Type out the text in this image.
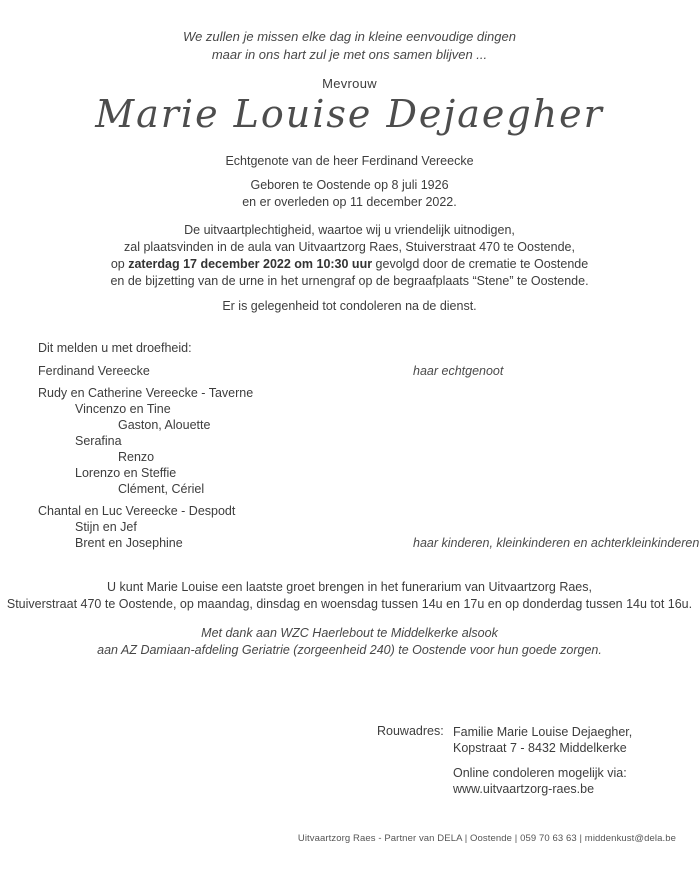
We zullen je missen elke dag in kleine eenvoudige dingen
maar in ons hart zul je met ons samen blijven ...
Mevrouw
Marie Louise Dejaegher
Echtgenote van de heer Ferdinand Vereecke
Geboren te Oostende op 8 juli 1926
en er overleden op 11 december 2022.
De uitvaartplechtigheid, waartoe wij u vriendelijk uitnodigen,
zal plaatsvinden in de aula van Uitvaartzorg Raes, Stuiverstraat 470 te Oostende,
op zaterdag 17 december 2022 om 10:30 uur gevolgd door de crematie te Oostende
en de bijzetting van de urne in het urnengraf op de begraafplaats “Stene” te Oostende.
Er is gelegenheid tot condoleren na de dienst.
Dit melden u met droefheid:
Ferdinand Vereecke	haar echtgenoot
Rudy en Catherine Vereecke - Taverne
Vincenzo en Tine
Gaston, Alouette
Serafina
Renzo
Lorenzo en Steffie
Clément, Cériel
Chantal en Luc Vereecke - Despodt
Stijn en Jef
Brent en Josephine	haar kinderen, kleinkinderen en achterkleinkinderen
U kunt Marie Louise een laatste groet brengen in het funerarium van Uitvaartzorg Raes,
Stuiverstraat 470 te Oostende, op maandag, dinsdag en woensdag tussen 14u en 17u en op donderdag tussen 14u tot 16u.
Met dank aan WZC Haerlebout te Middelkerke alsook
aan AZ Damiaan-afdeling Geriatrie (zorgeenheid 240) te Oostende voor hun goede zorgen.
Rouwadres: Familie Marie Louise Dejaegher,
Kopstraat 7 - 8432 Middelkerke
Online condoleren mogelijk via:
www.uitvaartzorg-raes.be
Uitvaartzorg Raes - Partner van DELA | Oostende | 059 70 63 63 | middenkust@dela.be
